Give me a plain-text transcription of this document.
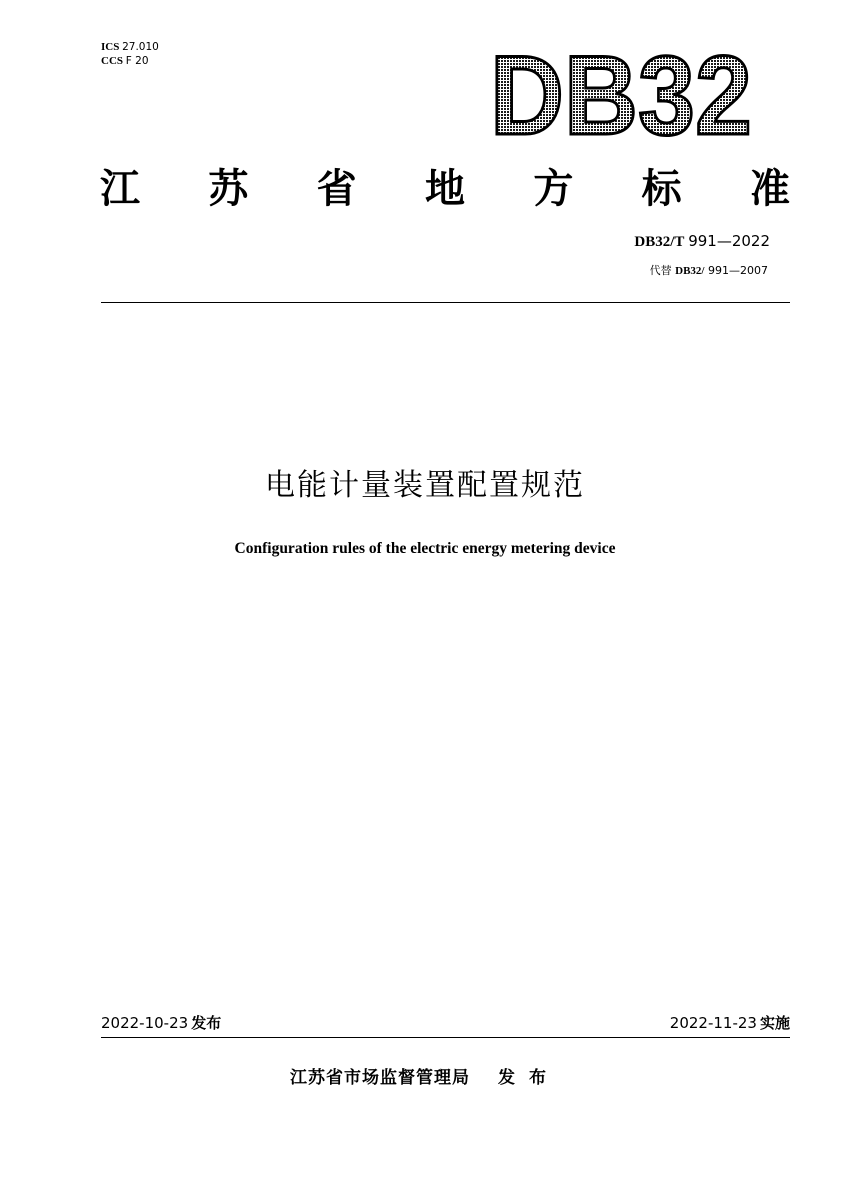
ICS 27.010
CCS F 20	DB32
江 苏 省 地 方 标 准
DB32/T 991—2022
代替 DB32/ 991—2007
电能计量装置配置规范
Configuration rules of the electric energy metering device
2022-10-23 发布	2022-11-23 实施
江苏省市场监督管理局 发布
